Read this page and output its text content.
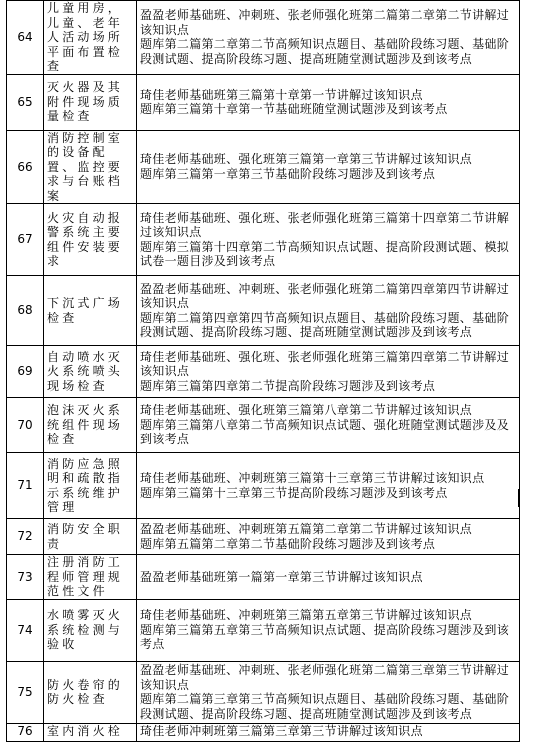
64	儿童用房，儿童、老年人活动场所平面布置检查	盈盈老师基础班、冲刺班、张老师强化班第二篇第二章第二节讲解过该知识点
题库第二篇第二章第二节高频知识点题目、基础阶段练习题、基础阶段测试题、提高阶段练习题、提高班随堂测试题涉及到该考点

65	灭火器及其附件现场质量检查	琦佳老师基础班第三篇第十章第一节讲解过该知识点
题库第三篇第十章第一节基础班随堂测试题涉及到该考点

66	消防控制室的设备配置、监控要求与台账档案	琦佳老师基础班、强化班第三篇第一章第三节讲解过该知识点
题库第三篇第一章第三节基础阶段练习题涉及到该考点

67	火灾自动报警系统主要组件安装要求	琦佳老师基础班、强化班、张老师强化班第三篇第十四章第二节讲解过该知识点
题库第三篇第十四章第二节高频知识点试题、提高阶段测试题、模拟试卷一题目涉及到该考点

68	下沉式广场检查	盈盈老师基础班、冲刺班、张老师强化班第二篇第四章第四节讲解过该知识点
题库第二篇第四章第四节高频知识点题目、基础阶段练习题、基础阶段测试题、提高阶段练习题、提高班随堂测试题涉及到该考点

69	自动喷水灭火系统喷头现场检查	琦佳老师基础班、强化班、张老师强化班第三篇第四章第二节讲解过该知识点
题库第三篇第四章第二节提高阶段练习题涉及到该考点

70	泡沫灭火系统组件现场检查	琦佳老师基础班、强化班第三篇第八章第二节讲解过该知识点
题库第三篇第八章第二节高频知识点试题、强化班随堂测试题涉及及到该考点

71	消防应急照明和疏散指示系统维护管理	琦佳老师基础班、冲刺班第三篇第十三章第三节讲解过该知识点
题库第三篇第十三章第三节提高阶段练习题涉及到该考点

72	消防安全职责	盈盈老师基础班、冲刺班第五篇第二章第二节讲解过该知识点
题库第五篇第二章第二节基础阶段练习题涉及到该考点

73	注册消防工程师管理规范性文件	盈盈老师基础班第一篇第一章第三节讲解过该知识点

74	水喷雾灭火系统检测与验收	琦佳老师基础班、冲刺班第三篇第五章第三节讲解过该知识点
题库第三篇第五章第三节高频知识点试题、提高阶段练习题涉及到该考点

75	防火卷帘的防火检查	盈盈老师基础班、冲刺班、张老师强化班第二篇第三章第三节讲解过该知识点
题库第二篇第三章第三节高频知识点题目、基础阶段练习题、基础阶段测试题、提高阶段练习题、提高班随堂测试题涉及到该考点

76	室内消火栓	琦佳老师冲刺班第三篇第三章第三节讲解过该知识点
